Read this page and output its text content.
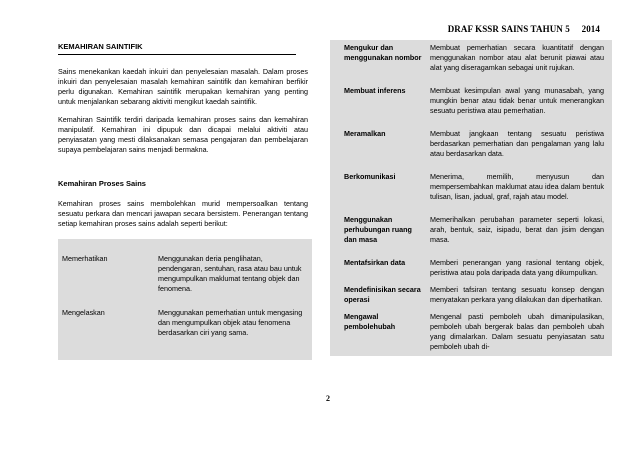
DRAF KSSR SAINS TAHUN 5 2014
KEMAHIRAN SAINTIFIK

Sains menekankan kaedah inkuiri dan penyelesaian masalah. Dalam proses inkuiri dan penyelesaian masalah kemahiran saintifik dan kemahiran berfikir perlu digunakan. Kemahiran saintifik merupakan kemahiran yang penting untuk menjalankan sebarang aktiviti mengikut kaedah saintifik.

Kemahiran Saintifik terdiri daripada kemahiran proses sains dan kemahiran manipulatif. Kemahiran ini dipupuk dan dicapai melalui aktiviti atau penyiasatan yang mesti dilaksanakan semasa pengajaran dan pembelajaran supaya pembelajaran sains menjadi bermakna.

Kemahiran Proses Sains

Kemahiran proses sains membolehkan murid mempersoalkan tentang sesuatu perkara dan mencari jawapan secara bersistem. Penerangan tentang setiap kemahiran proses sains adalah seperti berikut:

Memerhatikan	Menggunakan deria penglihatan, pendengaran, sentuhan, rasa atau bau untuk mengumpulkan maklumat tentang objek dan fenomena.
Mengelaskan	Menggunakan pemerhatian untuk mengasing dan mengumpulkan objek atau fenomena berdasarkan ciri yang sama.
Mengukur dan menggunakan nombor	Membuat pemerhatian secara kuantitatif dengan menggunakan nombor atau alat berunit piawai atau alat yang diseragamkan sebagai unit rujukan.
Membuat inferens	Membuat kesimpulan awal yang munasabah, yang mungkin benar atau tidak benar untuk menerangkan sesuatu peristiwa atau pemerhatian.
Meramalkan	Membuat jangkaan tentang sesuatu peristiwa berdasarkan pemerhatian dan pengalaman yang lalu atau berdasarkan data.
Berkomunikasi	Menerima, memilih, menyusun dan mempersembahkan maklumat atau idea dalam bentuk tulisan, lisan, jadual, graf, rajah atau model.
Menggunakan perhubungan ruang dan masa	Memerihalkan perubahan parameter seperti lokasi, arah, bentuk, saiz, isipadu, berat dan jisim dengan masa.
Mentafsirkan data	Memberi penerangan yang rasional tentang objek, peristiwa atau pola daripada data yang dikumpulkan.
Mendefinisikan secara operasi	Memberi tafsiran tentang sesuatu konsep dengan menyatakan perkara yang dilakukan dan diperhatikan.
Mengawal pembolehubah	Mengenal pasti pemboleh ubah dimanipulasikan, pemboleh ubah bergerak balas dan pemboleh ubah yang dimalarkan. Dalam sesuatu penyiasatan satu pemboleh ubah di-
2
